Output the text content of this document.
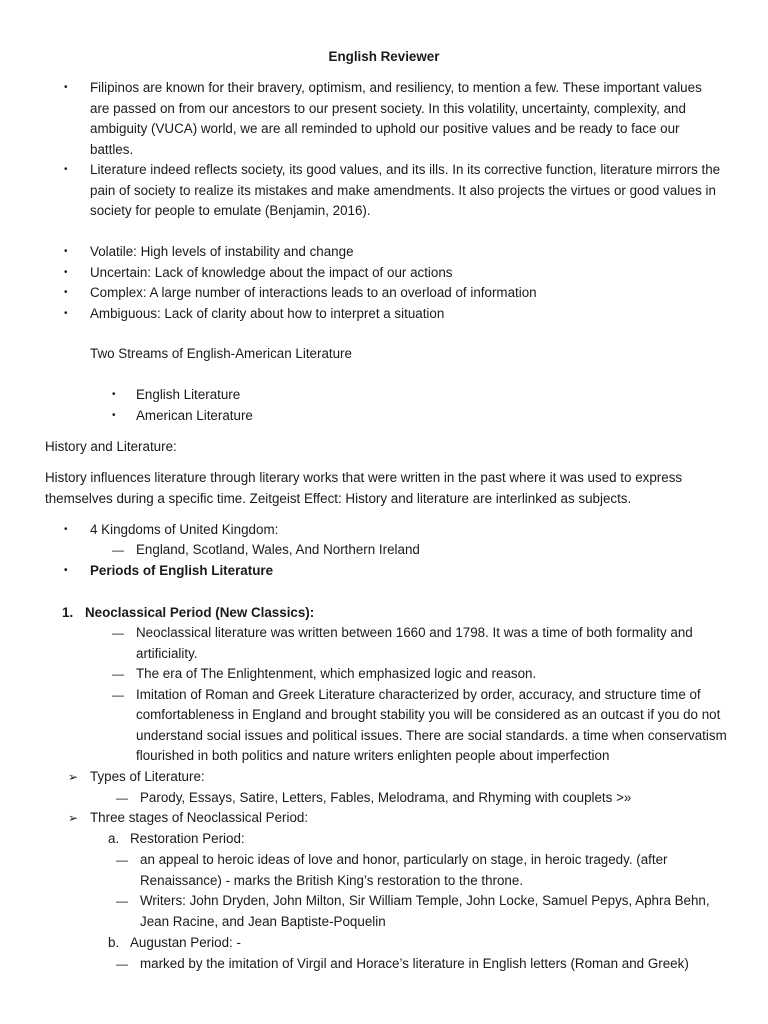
English Reviewer
• Filipinos are known for their bravery, optimism, and resiliency, to mention a few. These important values are passed on from our ancestors to our present society. In this volatility, uncertainty, complexity, and ambiguity (VUCA) world, we are all reminded to uphold our positive values and be ready to face our battles.
• Literature indeed reflects society, its good values, and its ills. In its corrective function, literature mirrors the pain of society to realize its mistakes and make amendments. It also projects the virtues or good values in society for people to emulate (Benjamin, 2016).
• Volatile: High levels of instability and change
• Uncertain: Lack of knowledge about the impact of our actions
• Complex: A large number of interactions leads to an overload of information
• Ambiguous: Lack of clarity about how to interpret a situation
Two Streams of English-American Literature
• English Literature
• American Literature
History and Literature:
History influences literature through literary works that were written in the past where it was used to express themselves during a specific time. Zeitgeist Effect: History and literature are interlinked as subjects.
• 4 Kingdoms of United Kingdom:
— England, Scotland, Wales, And Northern Ireland
• Periods of English Literature
1. Neoclassical Period (New Classics):
— Neoclassical literature was written between 1660 and 1798. It was a time of both formality and artificiality.
— The era of The Enlightenment, which emphasized logic and reason.
— Imitation of Roman and Greek Literature characterized by order, accuracy, and structure time of comfortableness in England and brought stability you will be considered as an outcast if you do not understand social issues and political issues. There are social standards. a time when conservatism flourished in both politics and nature writers enlighten people about imperfection
➢ Types of Literature:
— Parody, Essays, Satire, Letters, Fables, Melodrama, and Rhyming with couplets >»
➢ Three stages of Neoclassical Period:
a. Restoration Period:
— an appeal to heroic ideas of love and honor, particularly on stage, in heroic tragedy. (after Renaissance) - marks the British King’s restoration to the throne.
— Writers: John Dryden, John Milton, Sir William Temple, John Locke, Samuel Pepys, Aphra Behn, Jean Racine, and Jean Baptiste-Poquelin
b. Augustan Period: -
— marked by the imitation of Virgil and Horace’s literature in English letters (Roman and Greek)
